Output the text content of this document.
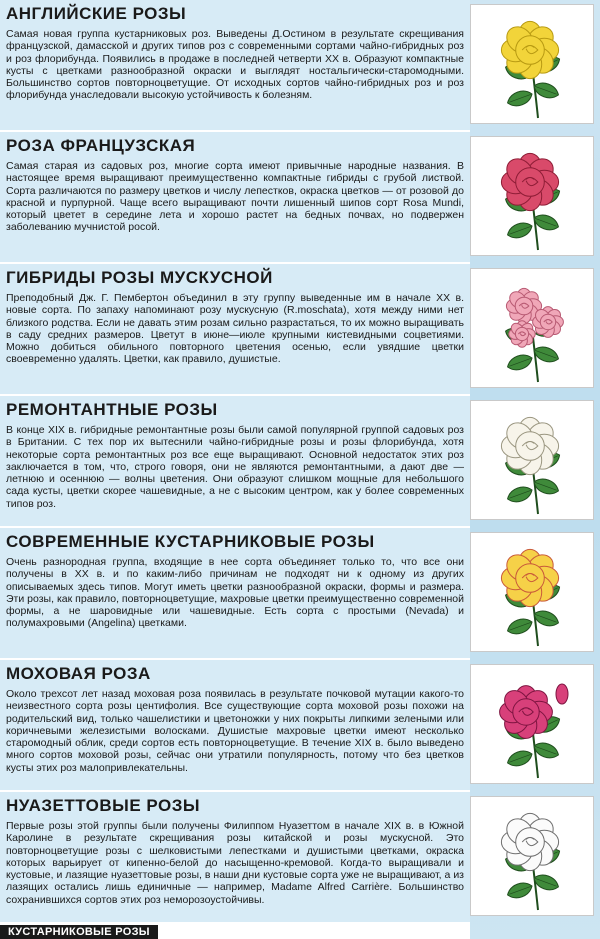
АНГЛИЙСКИЕ РОЗЫ

Самая новая группа кустарниковых роз. Выведены Д.Остином в результате скрещивания французской, дамасской и других типов роз с современными сортами чайно-гибридных роз и роз флорибунда. Появились в продаже в последней четверти XX в. Образуют компактные кусты с цветками разнообразной окраски и выглядят ностальгически-старомодными. Большинство сортов повторноцветущие. От исходных сортов чайно-гибридных роз и роз флорибунда унаследовали высокую устойчивость к болезням.

РОЗА ФРАНЦУЗСКАЯ

Самая старая из садовых роз, многие сорта имеют привычные народные названия. В настоящее время выращивают преимущественно компактные гибриды с грубой листвой. Сорта различаются по размеру цветков и числу лепестков, окраска цветков — от розовой до красной и пурпурной. Чаще всего выращивают почти лишенный шипов сорт Rosa Mundi, который цветет в середине лета и хорошо растет на бедных почвах, но подвержен заболеванию мучнистой росой.

ГИБРИДЫ РОЗЫ МУСКУСНОЙ

Преподобный Дж. Г. Пембертон объединил в эту группу выведенные им в начале XX в. новые сорта. По запаху напоминают розу мускусную (R.moschata), хотя между ними нет близкого родства. Если не давать этим розам сильно разрастаться, то их можно выращивать в саду средних размеров. Цветут в июне—июле крупными кистевидными соцветиями. Можно добиться обильного повторного цветения осенью, если увядшие цветки своевременно удалять. Цветки, как правило, душистые.

РЕМОНТАНТНЫЕ РОЗЫ

В конце XIX в. гибридные ремонтантные розы были самой популярной группой садовых роз в Британии. С тех пор их вытеснили чайно-гибридные розы и розы флорибунда, хотя некоторые сорта ремонтантных роз все еще выращивают. Основной недостаток этих роз заключается в том, что, строго говоря, они не являются ремонтантными, а дают две — летнюю и осеннюю — волны цветения. Они образуют слишком мощные для небольшого сада кусты, цветки скорее чашевидные, а не с высоким центром, как у более современных типов роз.

СОВРЕМЕННЫЕ КУСТАРНИКОВЫЕ РОЗЫ

Очень разнородная группа, входящие в нее сорта объединяет только то, что все они получены в XX в. и по каким-либо причинам не подходят ни к одному из других описываемых здесь типов. Могут иметь цветки разнообразной окраски, формы и размера. Эти розы, как правило, повторноцветущие, махровые цветки преимущественно современной формы, а не шаровидные или чашевидные. Есть сорта с простыми (Nevada) и полумахровыми (Angelina) цветками.

МОХОВАЯ РОЗА

Около трехсот лет назад моховая роза появилась в результате почковой мутации какого-то неизвестного сорта розы центифолия. Все существующие сорта моховой розы похожи на родительский вид, только чашелистики и цветоножки у них покрыты липкими зелеными или коричневыми железистыми волосками. Душистые махровые цветки имеют несколько старомодный облик, среди сортов есть повторноцветущие. В течение XIX в. было выведено много сортов моховой розы, сейчас они утратили популярность, потому что без цветков кусты этих роз малопривлекательны.

НУАЗЕТТОВЫЕ РОЗЫ

Первые розы этой группы были получены Филиппом Нуазеттом в начале XIX в. в Южной Каролине в результате скрещивания розы китайской и розы мускусной. Это повторноцветущие розы с шелковистыми лепестками и душистыми цветками, окраска которых варьирует от кипенно-белой до насыщенно-кремовой. Когда-то выращивали и кустовые, и лазящие нуазеттовые розы, в наши дни кустовые сорта уже не выращивают, а из лазящих остались лишь единичные — например, Madame Alfred Carrière. Большинство сохранившихся сортов этих роз неморозоустойчивы.

КУСТАРНИКОВЫЕ РОЗЫ
